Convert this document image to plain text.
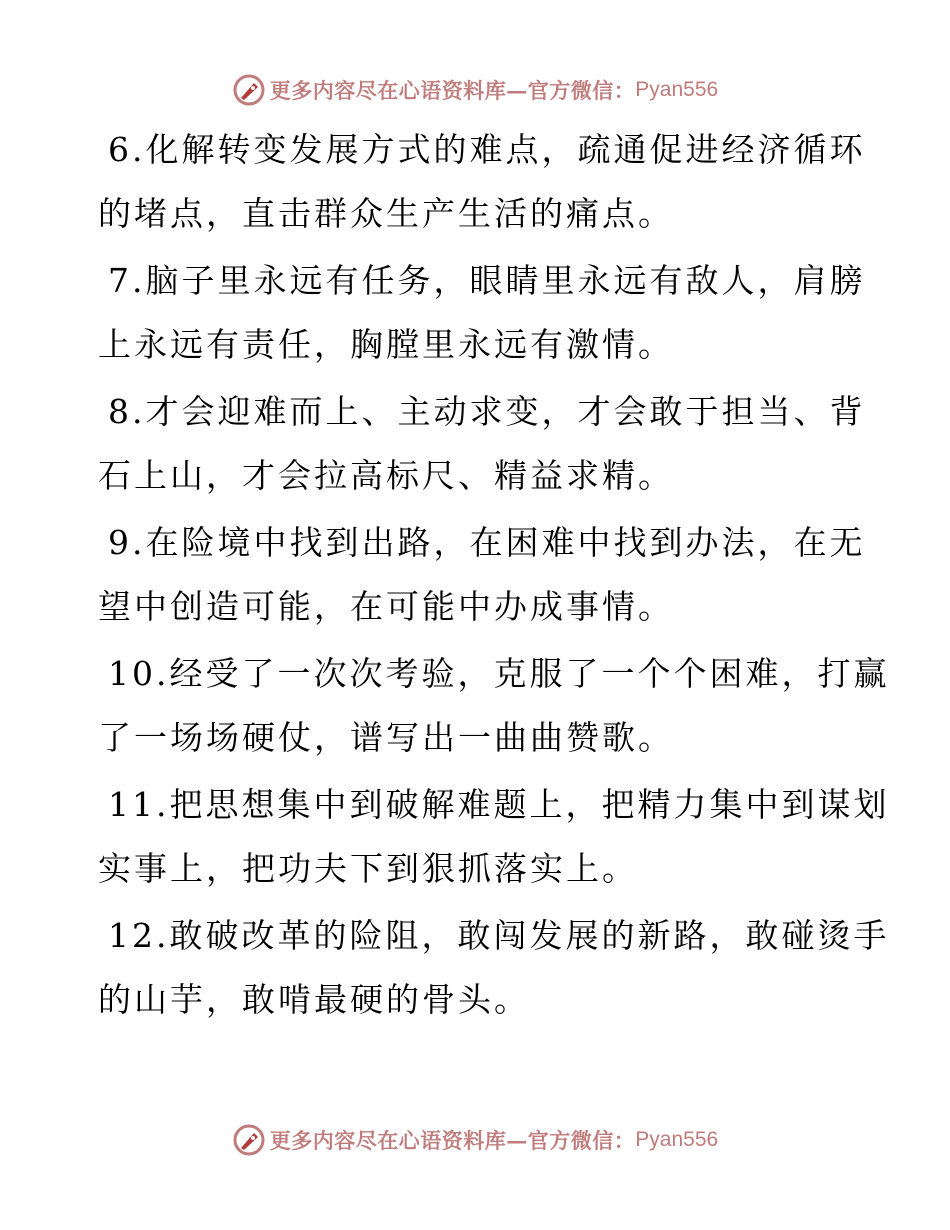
更多内容尽在心语资料库—官方微信： Pyan556
6.化解转变发展方式的难点，疏通促进经济循环
的堵点，直击群众生产生活的痛点。
7.脑子里永远有任务，眼睛里永远有敌人，肩膀
上永远有责任，胸膛里永远有激情。
8.才会迎难而上、主动求变，才会敢于担当、背
石上山，才会拉高标尺、精益求精。
9.在险境中找到出路，在困难中找到办法，在无
望中创造可能，在可能中办成事情。
10.经受了一次次考验，克服了一个个困难，打赢
了一场场硬仗，谱写出一曲曲赞歌。
11.把思想集中到破解难题上，把精力集中到谋划
实事上，把功夫下到狠抓落实上。
12.敢破改革的险阻，敢闯发展的新路，敢碰烫手
的山芋，敢啃最硬的骨头。
更多内容尽在心语资料库—官方微信： Pyan556
